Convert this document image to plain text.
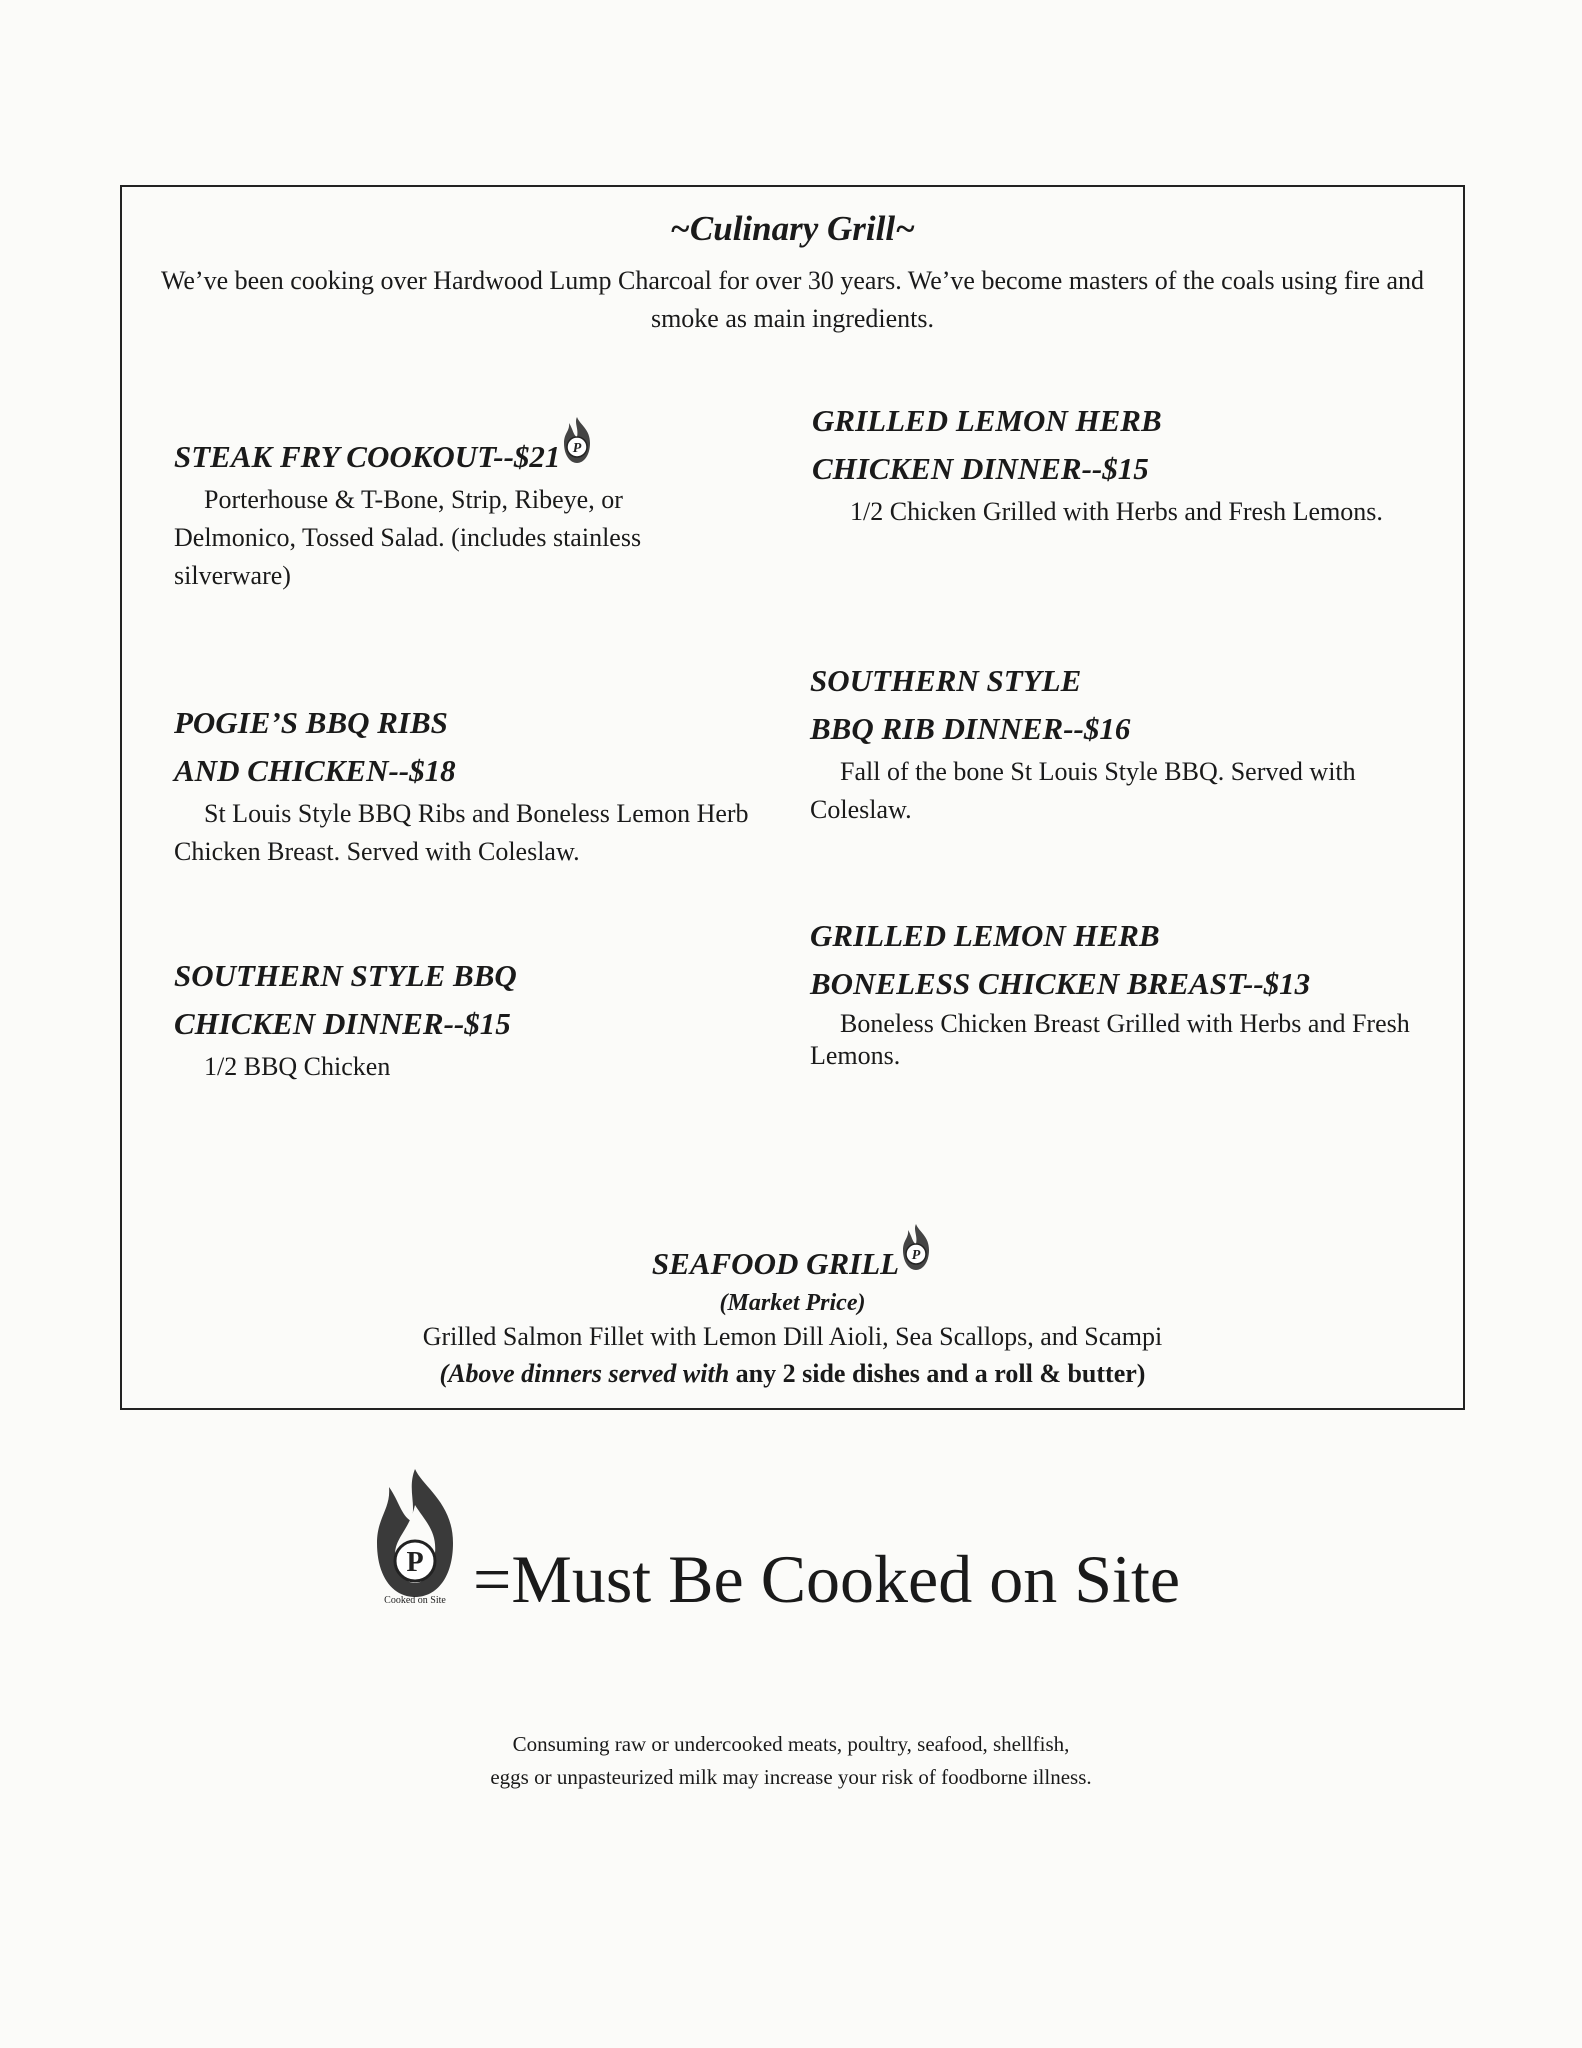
~Culinary Grill~
We’ve been cooking over Hardwood Lump Charcoal for over 30 years. We’ve become masters of the coals using fire and smoke as main ingredients.
STEAK FRY COOKOUT--$21 P
Porterhouse & T-Bone, Strip, Ribeye, or Delmonico, Tossed Salad. (includes stainless silverware)
GRILLED LEMON HERB
CHICKEN DINNER--$15
1/2 Chicken Grilled with Herbs and Fresh Lemons.
POGIE’S BBQ RIBS
AND CHICKEN--$18
St Louis Style BBQ Ribs and Boneless Lemon Herb Chicken Breast. Served with Coleslaw.
SOUTHERN STYLE
BBQ RIB DINNER--$16
Fall of the bone St Louis Style BBQ. Served with Coleslaw.
SOUTHERN STYLE BBQ
CHICKEN DINNER--$15
1/2 BBQ Chicken
GRILLED LEMON HERB
BONELESS CHICKEN BREAST--$13
Boneless Chicken Breast Grilled with Herbs and Fresh Lemons.
SEAFOOD GRILL P
(Market Price)
Grilled Salmon Fillet with Lemon Dill Aioli, Sea Scallops, and Scampi
(Above dinners served with any 2 side dishes and a roll & butter)
P
Cooked on Site =Must Be Cooked on Site
Consuming raw or undercooked meats, poultry, seafood, shellfish,
eggs or unpasteurized milk may increase your risk of foodborne illness.
